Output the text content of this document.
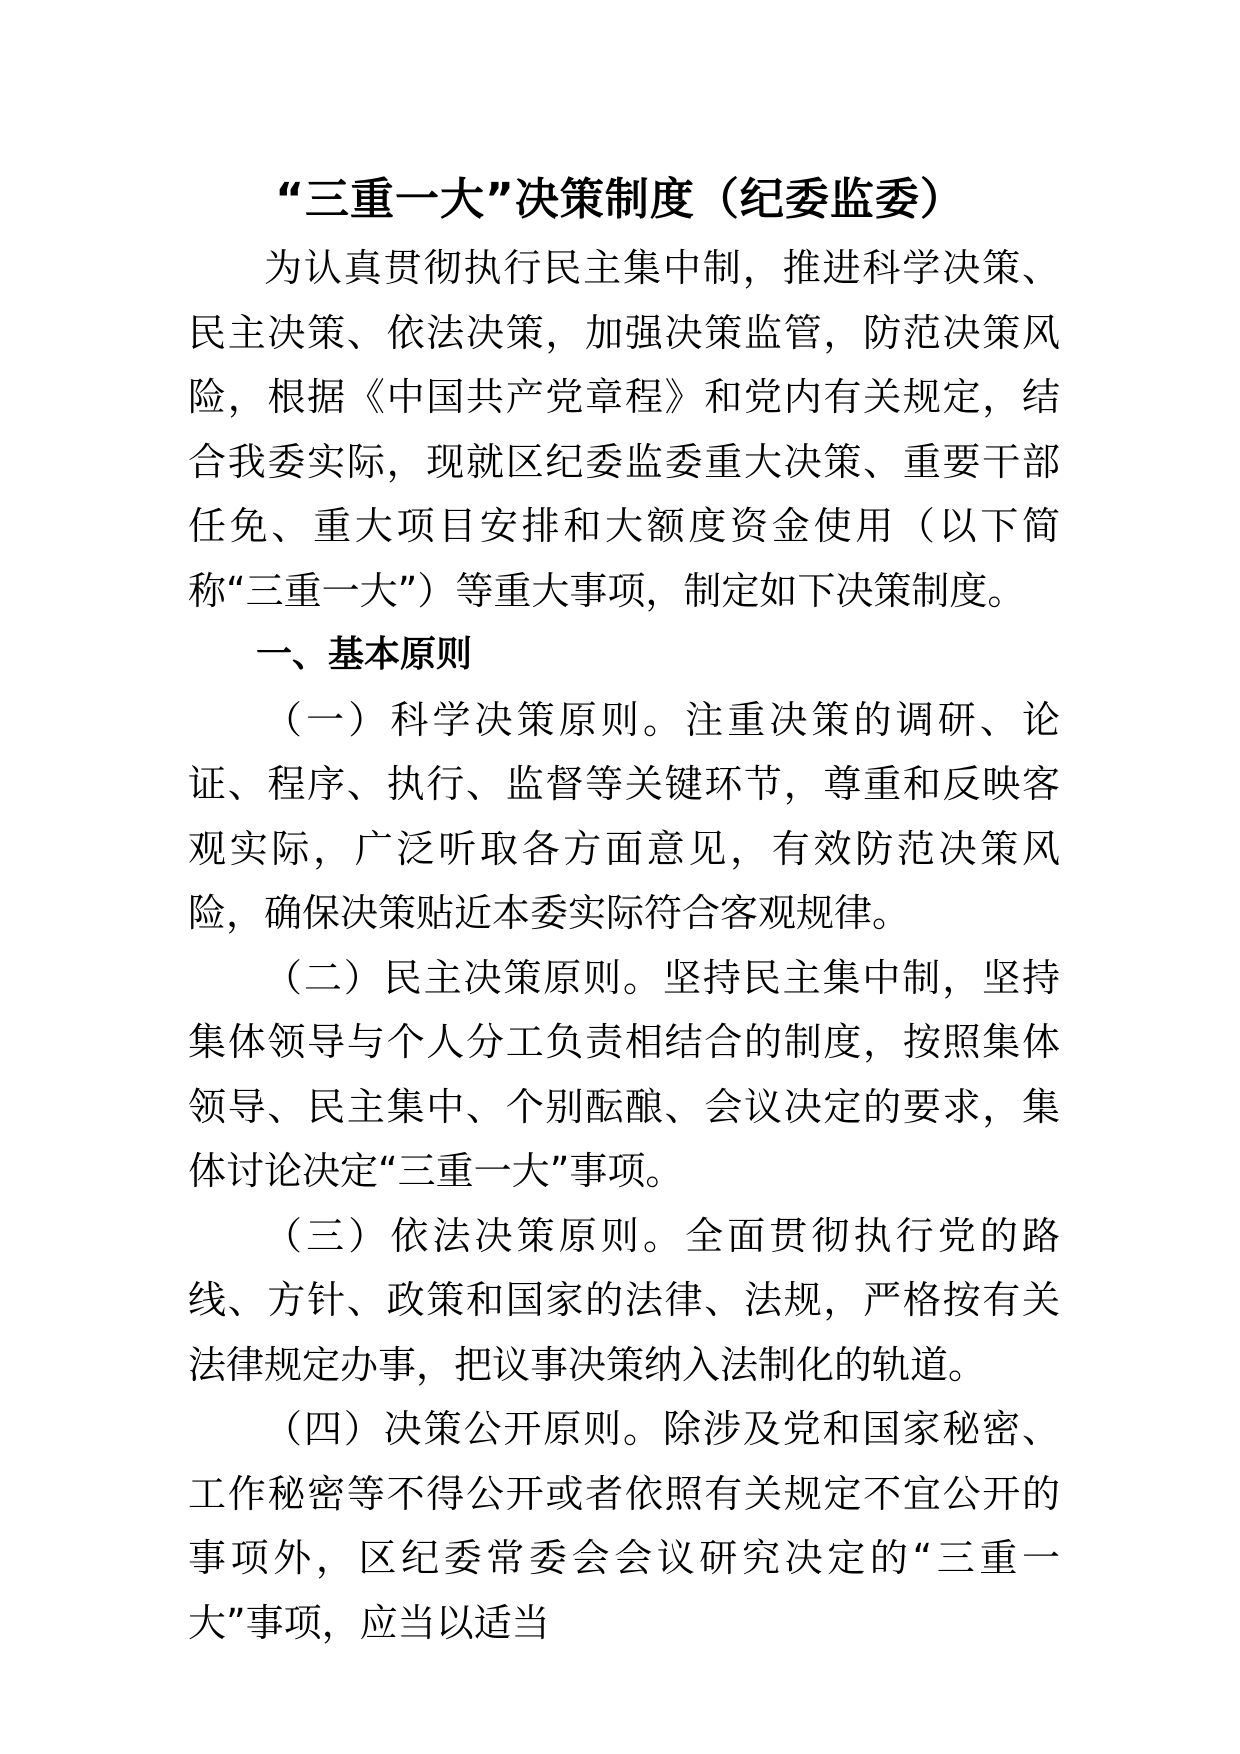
“三重一大”决策制度（纪委监委）

为认真贯彻执行民主集中制，推进科学决策、民主决策、依法决策，加强决策监管，防范决策风险，根据《中国共产党章程》和党内有关规定，结合我委实际，现就区纪委监委重大决策、重要干部任免、重大项目安排和大额度资金使用（以下简称“三重一大”）等重大事项，制定如下决策制度。

一、基本原则

（一）科学决策原则。注重决策的调研、论证、程序、执行、监督等关键环节，尊重和反映客观实际，广泛听取各方面意见，有效防范决策风险，确保决策贴近本委实际符合客观规律。

（二）民主决策原则。坚持民主集中制，坚持集体领导与个人分工负责相结合的制度，按照集体领导、民主集中、个别酝酿、会议决定的要求，集体讨论决定“三重一大”事项。

（三）依法决策原则。全面贯彻执行党的路线、方针、政策和国家的法律、法规，严格按有关法律规定办事，把议事决策纳入法制化的轨道。

（四）决策公开原则。除涉及党和国家秘密、工作秘密等不得公开或者依照有关规定不宜公开的事项外，区纪委常委会会议研究决定的“三重一大”事项，应当以适当
